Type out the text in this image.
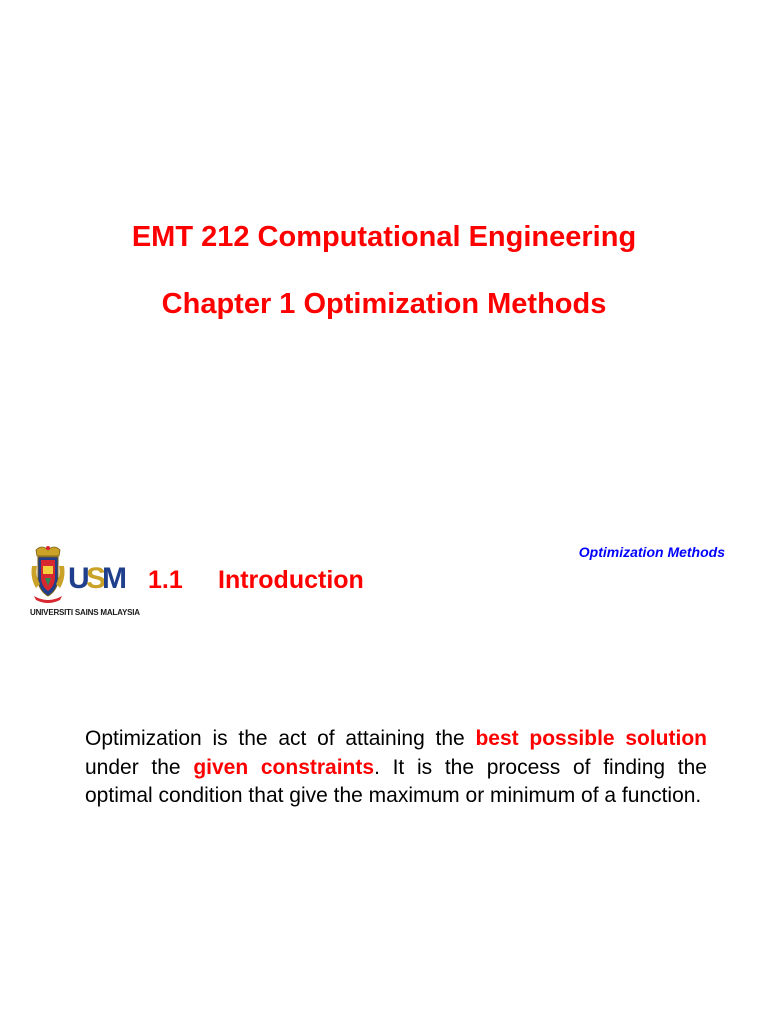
EMT 212 Computational Engineering
Chapter 1 Optimization Methods
Optimization Methods
U
S
M
UNIVERSITI SAINS MALAYSIA
1.1 Introduction

Optimization is the act of attaining the best possible solution under the given constraints. It is the process of finding the optimal condition that give the maximum or minimum of a function.
